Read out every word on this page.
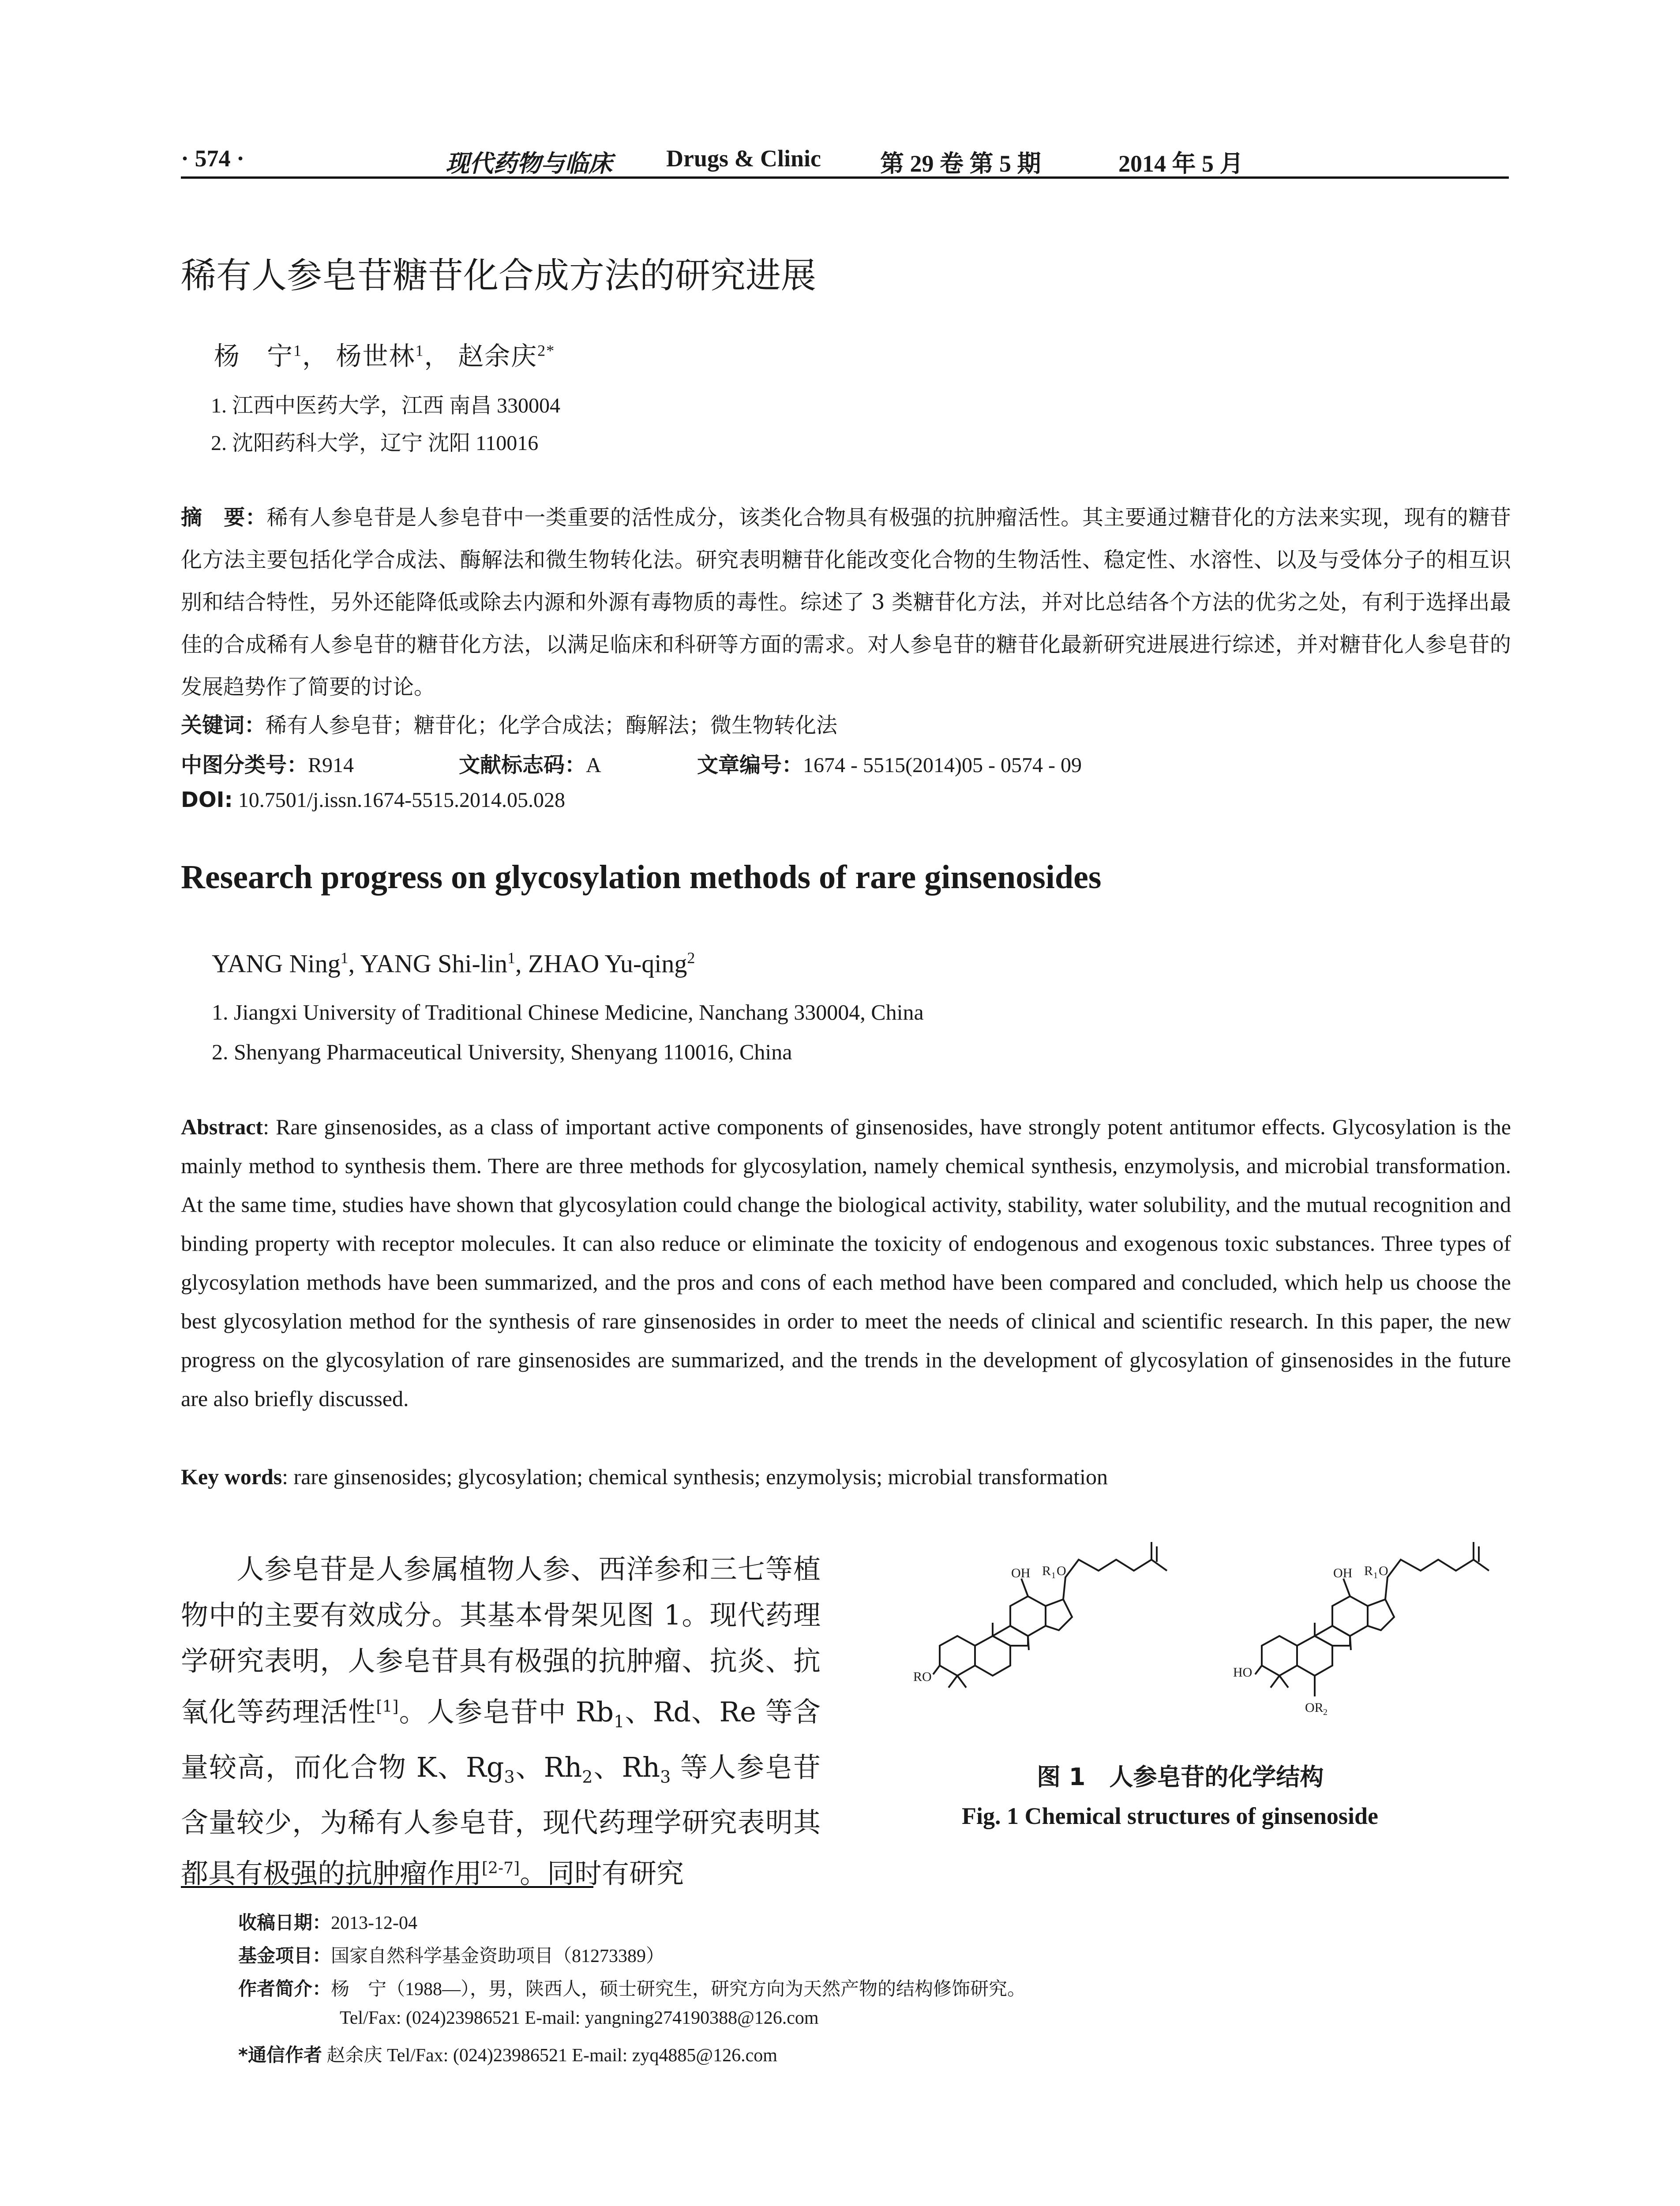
· 574 ·	现代药物与临床 Drugs & Clinic 第 29 卷 第 5 期	2014 年 5 月
稀有人参皂苷糖苷化合成方法的研究进展
杨　宁$^1$， 杨世林$^1$， 赵余庆$^{2*}$
1. 江西中医药大学，江西 南昌 330004
2. 沈阳药科大学，辽宁 沈阳 110016
摘　要：稀有人参皂苷是人参皂苷中一类重要的活性成分，该类化合物具有极强的抗肿瘤活性。其主要通过糖苷化的方法来实现，现有的糖苷化方法主要包括化学合成法、酶解法和微生物转化法。研究表明糖苷化能改变化合物的生物活性、稳定性、水溶性、以及与受体分子的相互识别和结合特性，另外还能降低或除去内源和外源有毒物质的毒性。综述了 3 类糖苷化方法，并对比总结各个方法的优劣之处，有利于选择出最佳的合成稀有人参皂苷的糖苷化方法，以满足临床和科研等方面的需求。对人参皂苷的糖苷化最新研究进展进行综述，并对糖苷化人参皂苷的发展趋势作了简要的讨论。
关键词：稀有人参皂苷；糖苷化；化学合成法；酶解法；微生物转化法
中图分类号：R914	文献标志码：A	文章编号：1674 - 5515(2014)05 - 0574 - 09
DOI: 10.7501/j.issn.1674-5515.2014.05.028
Research progress on glycosylation methods of rare ginsenosides
YANG Ning$^1$, YANG Shi-lin$^1$, ZHAO Yu-qing$^2$
1. Jiangxi University of Traditional Chinese Medicine, Nanchang 330004, China
2. Shenyang Pharmaceutical University, Shenyang 110016, China
Abstract: Rare ginsenosides, as a class of important active components of ginsenosides, have strongly potent antitumor effects. Glycosylation is the mainly method to synthesis them. There are three methods for glycosylation, namely chemical synthesis, enzymolysis, and microbial transformation. At the same time, studies have shown that glycosylation could change the biological activity, stability, water solubility, and the mutual recognition and binding property with receptor molecules. It can also reduce or eliminate the toxicity of endogenous and exogenous toxic substances. Three types of glycosylation methods have been summarized, and the pros and cons of each method have been compared and concluded, which help us choose the best glycosylation method for the synthesis of rare ginsenosides in order to meet the needs of clinical and scientific research. In this paper, the new progress on the glycosylation of rare ginsenosides are summarized, and the trends in the development of glycosylation of ginsenosides in the future are also briefly discussed.
Key words: rare ginsenosides; glycosylation; chemical synthesis; enzymolysis; microbial transformation
　　人参皂苷是人参属植物人参、西洋参和三七等植物中的主要有效成分。其基本骨架见图 1。现代药理学研究表明，人参皂苷具有极强的抗肿瘤、抗炎、抗氧化等药理活性[1]。人参皂苷中 $Rb_1$、Rd、Re 等含量较高，而化合物 K、$Rg_3$、$Rh_2$、$Rh_3$ 等人参皂苷含量较少，为稀有人参皂苷，现代药理学研究表明其都具有极强的抗肿瘤作用[2-7]。同时有研究
OH R 1 O
RO
OH R 1 O
HO
OR 2
图 1　人参皂苷的化学结构
Fig. 1 Chemical structures of ginsenoside
收稿日期：2013-12-04
基金项目：国家自然科学基金资助项目（81273389）
作者简介：杨　宁（1988—），男，陕西人，硕士研究生，研究方向为天然产物的结构修饰研究。
Tel/Fax: (024)23986521 E-mail: yangning274190388@126.com
*通信作者 赵余庆 Tel/Fax: (024)23986521 E-mail: zyq4885@126.com
